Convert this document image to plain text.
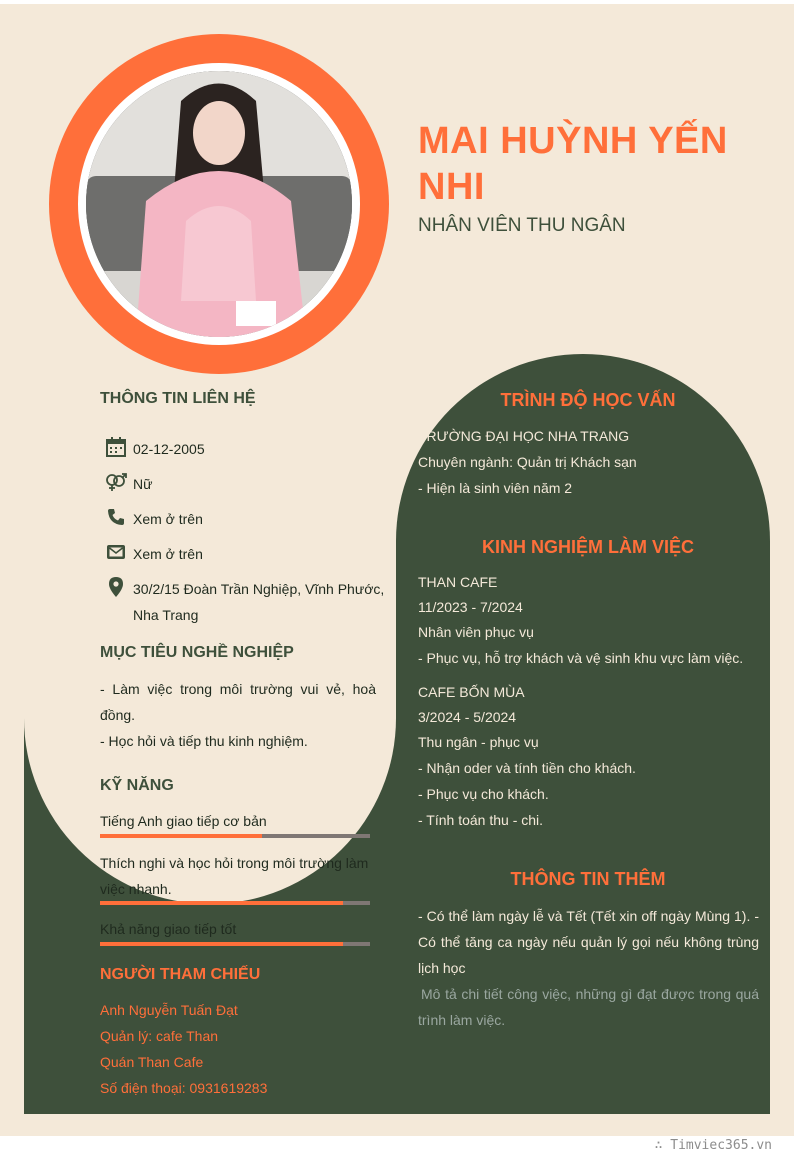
MAI HUỲNH YẾN NHI
NHÂN VIÊN THU NGÂN
THÔNG TIN LIÊN HỆ
02-12-2005
Nữ
Xem ở trên
Xem ở trên
30/2/15 Đoàn Trần Nghiệp, Vĩnh Phước,
Nha Trang
MỤC TIÊU NGHỀ NGHIỆP
- Làm việc trong môi trường vui vẻ, hoà đồng.
- Học hỏi và tiếp thu kinh nghiệm.
KỸ NĂNG
Tiếng Anh giao tiếp cơ bản
Thích nghi và học hỏi trong môi trường làm việc nhanh.
Khả năng giao tiếp tốt
NGƯỜI THAM CHIẾU
Anh Nguyễn Tuấn Đạt
Quản lý: cafe Than
Quán Than Cafe
Số điện thoại: 0931619283
TRÌNH ĐỘ HỌC VẤN
TRƯỜNG ĐẠI HỌC NHA TRANG
Chuyên ngành: Quản trị Khách sạn
- Hiện là sinh viên năm 2
KINH NGHIỆM LÀM VIỆC
THAN CAFE
11/2023 - 7/2024
Nhân viên phục vụ
- Phục vụ, hỗ trợ khách và vệ sinh khu vực làm việc.
CAFE BỐN MÙA
3/2024 - 5/2024
Thu ngân - phục vụ
- Nhận oder và tính tiền cho khách.
- Phục vụ cho khách.
- Tính toán thu - chi.
THÔNG TIN THÊM
- Có thể làm ngày lễ và Tết (Tết xin off ngày Mùng 1). - Có thể tăng ca ngày nếu quản lý gọi nếu không trùng lịch học
Mô tả chi tiết công việc, những gì đạt được trong quá trình làm việc.
∴ Timviec365.vn
